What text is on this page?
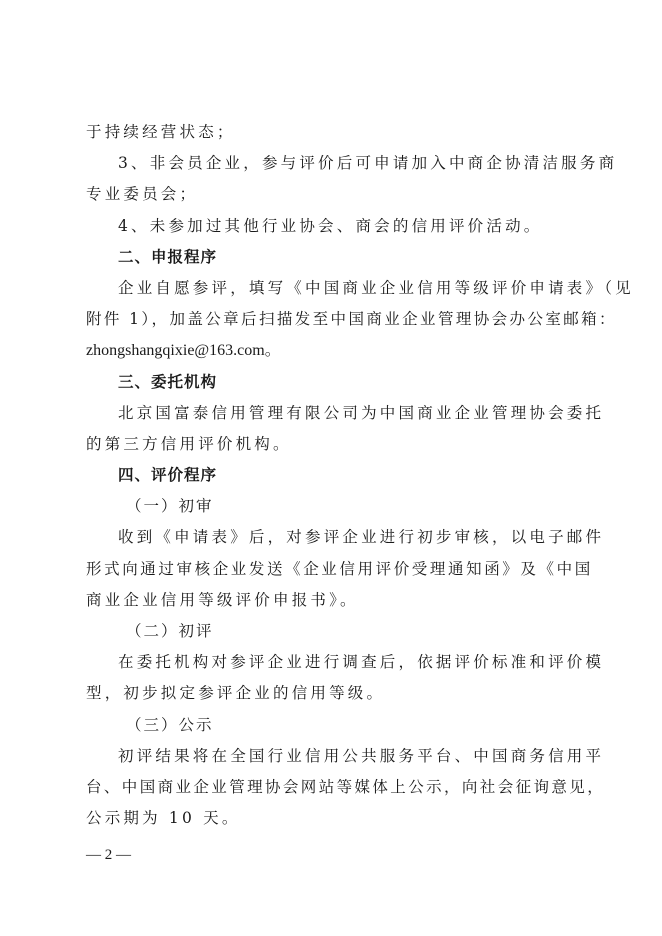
于持续经营状态；
3、非会员企业，参与评价后可申请加入中商企协清洁服务商
专业委员会；
4、未参加过其他行业协会、商会的信用评价活动。
二、申报程序
企业自愿参评，填写《中国商业企业信用等级评价申请表》（见
附件 1），加盖公章后扫描发至中国商业企业管理协会办公室邮箱：
zhongshangqixie@163.com。
三、委托机构
北京国富泰信用管理有限公司为中国商业企业管理协会委托
的第三方信用评价机构。
四、评价程序
（一）初审
收到《申请表》后，对参评企业进行初步审核，以电子邮件
形式向通过审核企业发送《企业信用评价受理通知函》及《中国
商业企业信用等级评价申报书》。
（二）初评
在委托机构对参评企业进行调查后，依据评价标准和评价模
型，初步拟定参评企业的信用等级。
（三）公示
初评结果将在全国行业信用公共服务平台、中国商务信用平
台、中国商业企业管理协会网站等媒体上公示，向社会征询意见，
公示期为 10 天。
— 2 —
